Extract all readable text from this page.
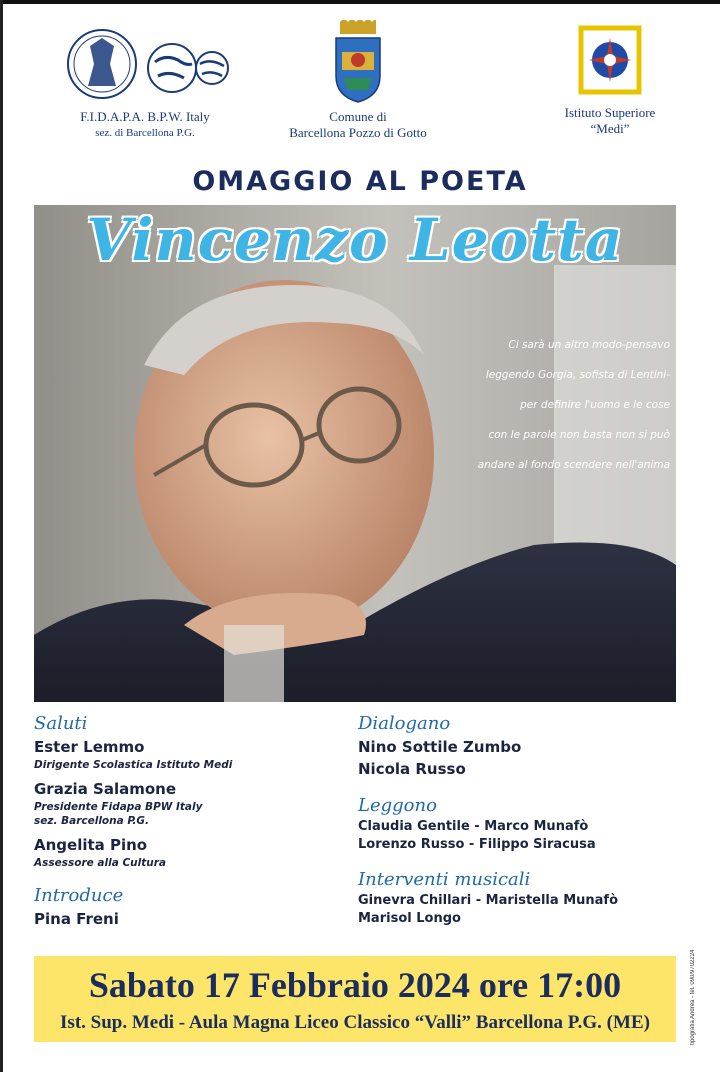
F.I.D.A.P.A. B.P.W. Italy
sez. di Barcellona P.G.
Comune di
Barcellona Pozzo di Gotto
Istituto Superiore
“Medi”
OMAGGIO AL POETA
Vincenzo Leotta
Ci sarà un altro modo-pensavo
leggendo Gorgia, sofista di Lentini-
per definire l'uomo e le cose
con le parole non basta non si può
andare al fondo scendere nell'anima
Saluti
Ester Lemmo
Dirigente Scolastica Istituto Medi
Grazia Salamone
Presidente Fidapa BPW Italy
sez. Barcellona P.G.
Angelita Pino
Assessore alla Cultura
Introduce
Pina Freni
Dialogano
Nino Sottile Zumbo
Nicola Russo
Leggono
Claudia Gentile - Marco Munafò
Lorenzo Russo - Filippo Siracusa
Interventi musicali
Ginevra Chillari - Maristella Munafò
Marisol Longo
Sabato 17 Febbraio 2024 ore 17:00
Ist. Sup. Medi - Aula Magna Liceo Classico “Valli” Barcellona P.G. (ME)	tipografia Andrea - tel. 090/9702224
